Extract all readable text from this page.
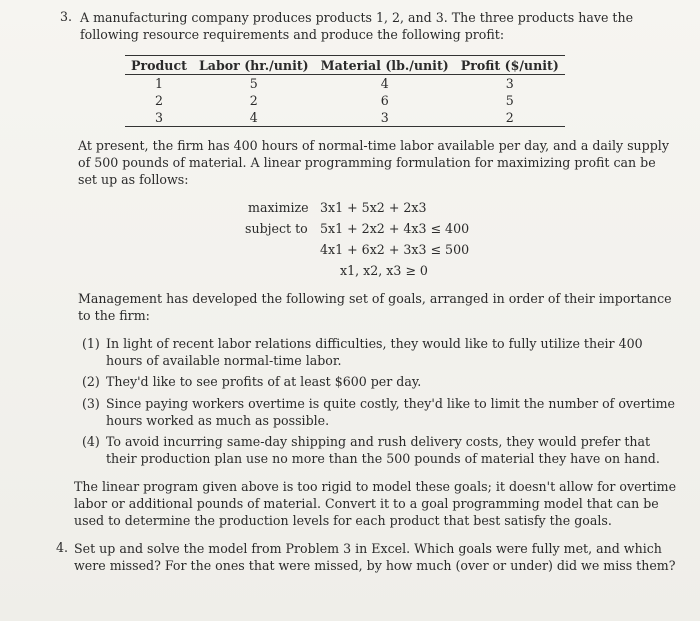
3. A manufacturing company produces products 1, 2, and 3. The three products have the
following resource requirements and produce the following profit:
Product	Labor (hr./unit)	Material (lb./unit)	Profit ($/unit)
1	5	4	3
2	2	6	5
3	4	3	2
At present, the firm has 400 hours of normal-time labor available per day, and a daily supply
of 500 pounds of material. A linear programming formulation for maximizing profit can be
set up as follows:
maximize
subject to
3x1 + 5x2 + 2x3
5x1 + 2x2 + 4x3 ≤ 400
4x1 + 6x2 + 3x3 ≤ 500
x1, x2, x3 ≥ 0
Management has developed the following set of goals, arranged in order of their importance
to the firm:
(1) In light of recent labor relations difficulties, they would like to fully utilize their 400
hours of available normal-time labor.
(2) They'd like to see profits of at least $600 per day.
(3) Since paying workers overtime is quite costly, they'd like to limit the number of overtime
hours worked as much as possible.
(4) To avoid incurring same-day shipping and rush delivery costs, they would prefer that
their production plan use no more than the 500 pounds of material they have on hand.
The linear program given above is too rigid to model these goals; it doesn't allow for overtime
labor or additional pounds of material. Convert it to a goal programming model that can be
used to determine the production levels for each product that best satisfy the goals.
4. Set up and solve the model from Problem 3 in Excel. Which goals were fully met, and which
were missed? For the ones that were missed, by how much (over or under) did we miss them?
